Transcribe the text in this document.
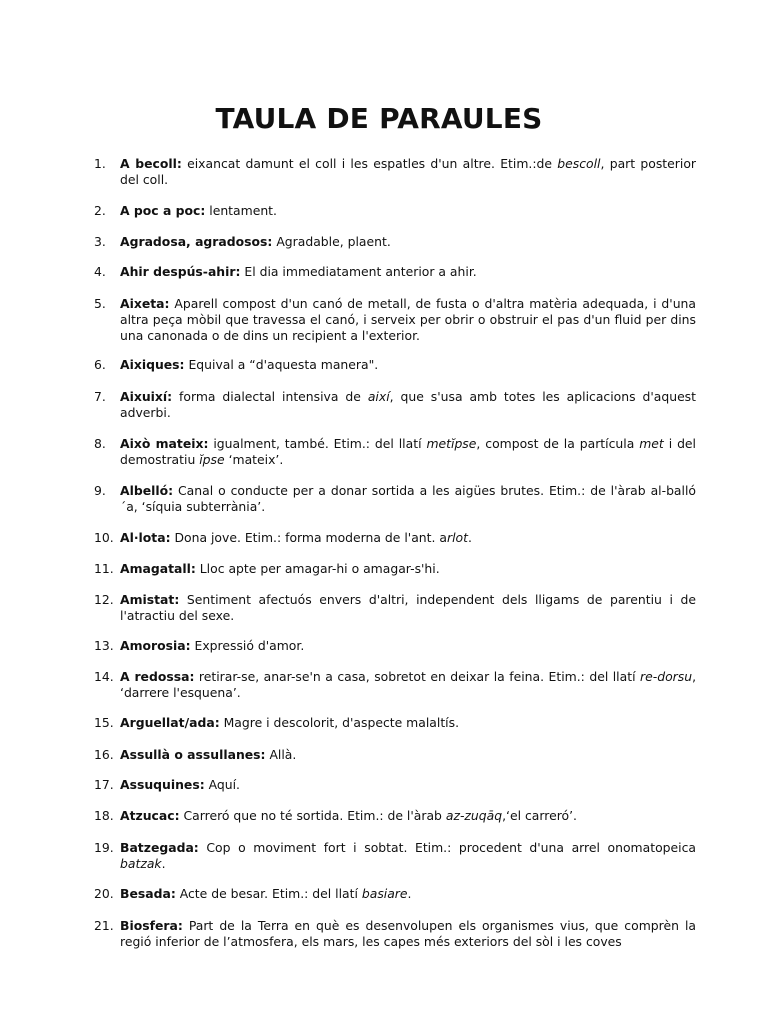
TAULA DE PARAULES
1.	A becoll: eixancat damunt el coll i les espatles d'un altre. Etim.:de bescoll, part posterior del coll.
2.	A poc a poc: lentament.
3.	Agradosa, agradosos: Agradable, plaent.
4.	Ahir despús-ahir: El dia immediatament anterior a ahir.
5.	Aixeta: Aparell compost d'un canó de metall, de fusta o d'altra matèria adequada, i d'una altra peça mòbil que travessa el canó, i serveix per obrir o obstruir el pas d'un fluid per dins una canonada o de dins un recipient a l'exterior.
6.	Aixiques: Equival a “d'aquesta manera".
7.	Aixuixí: forma dialectal intensiva de així, que s'usa amb totes les aplicacions d'aquest adverbi.
8.	Això mateix: igualment, també. Etim.: del llatí metĭpse, compost de la partícula met i del demostratiu ĭpse ‘mateix’.
9.	Albelló: Canal o conducte per a donar sortida a les aigües brutes. Etim.: de l'àrab al-balló´a, ‘síquia subterrània’.
10. Al·lota: Dona jove. Etim.: forma moderna de l'ant. arlot.
11. Amagatall: Lloc apte per amagar-hi o amagar-s'hi.
12. Amistat: Sentiment afectuós envers d'altri, independent dels lligams de parentiu i de l'atractiu del sexe.
13. Amorosia: Expressió d'amor.
14. A redossa: retirar-se, anar-se'n a casa, sobretot en deixar la feina. Etim.: del llatí re-dorsu, ‘darrere l'esquena’.
15. Arguellat/ada: Magre i descolorit, d'aspecte malaltís.
16. Assullà o assullanes: Allà.
17. Assuquines: Aquí.
18. Atzucac: Carreró que no té sortida. Etim.: de l'àrab az-zuqāq,‘el carreró’.
19. Batzegada: Cop o moviment fort i sobtat. Etim.: procedent d'una arrel onomatopeica batzak.
20. Besada: Acte de besar. Etim.: del llatí basiare.
21. Biosfera: Part de la Terra en què es desenvolupen els organismes vius, que comprèn la regió inferior de l’atmosfera, els mars, les capes més exteriors del sòl i les coves
